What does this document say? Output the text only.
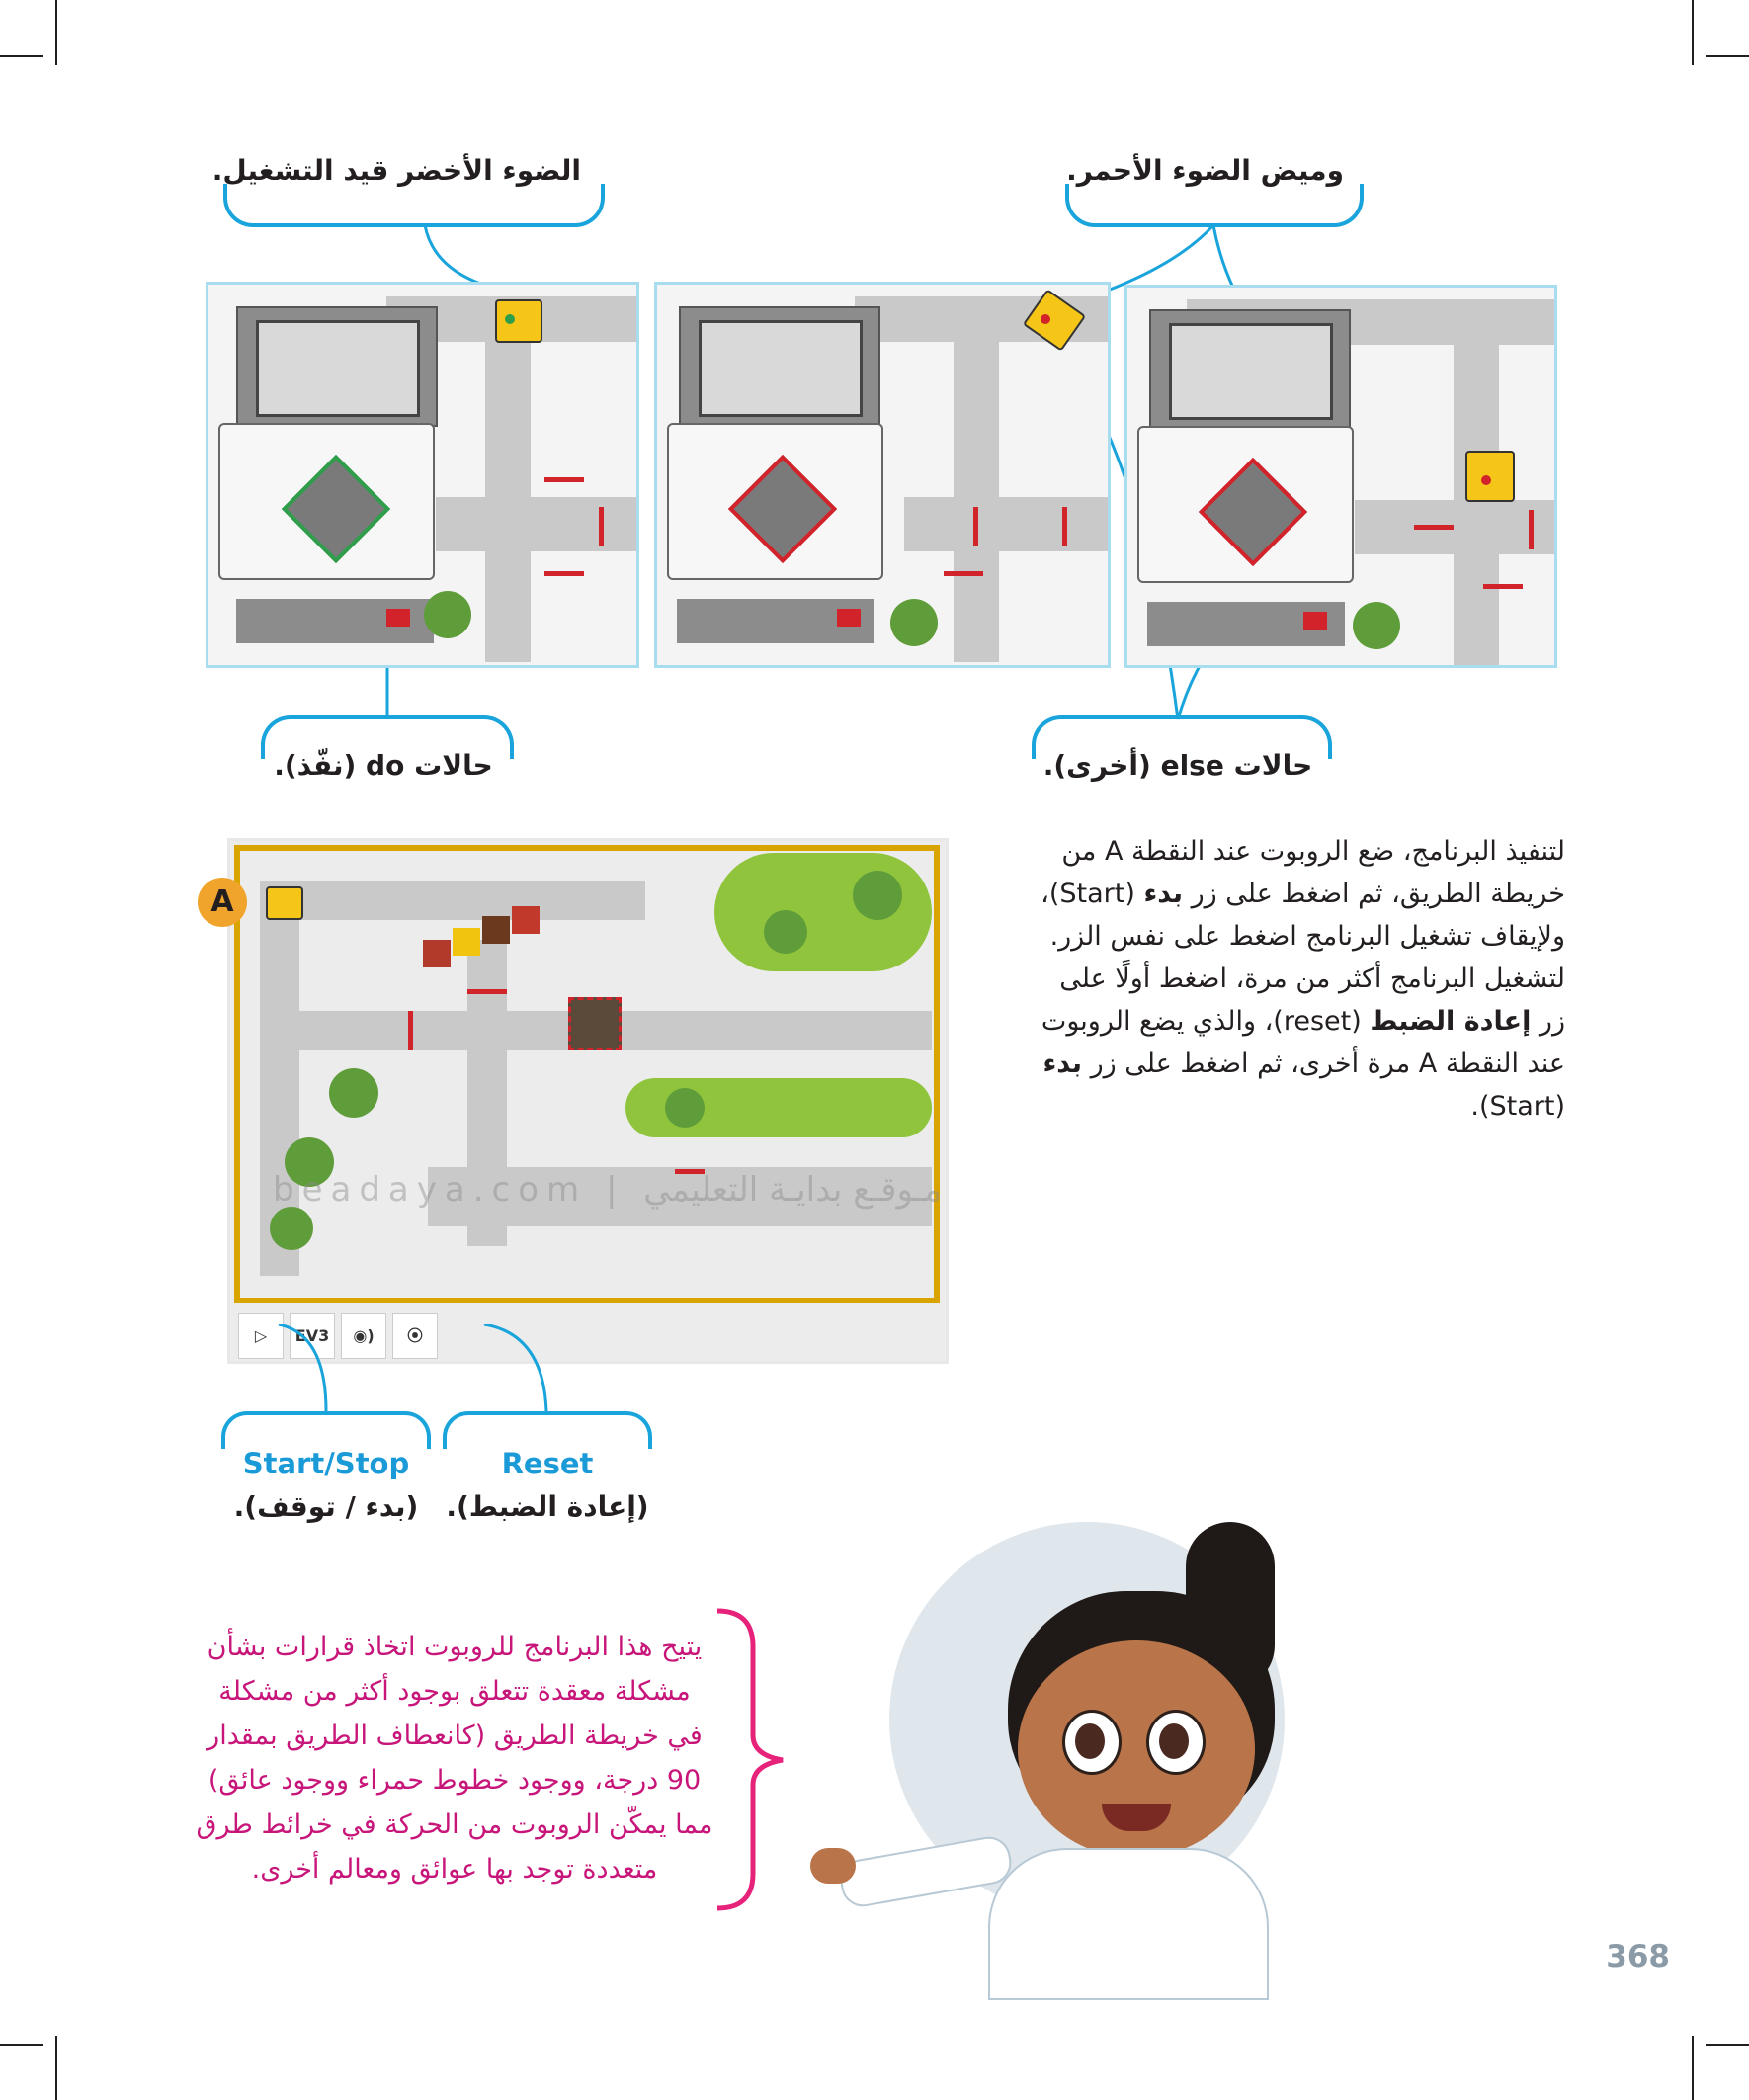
الضوء الأخضر قيد التشغيل.	وميض الضوء الأحمر.
حالات do (نفّذ).	حالات else (أخرى).
لتنفيذ البرنامج، ضع الروبوت عند النقطة A من
خريطة الطريق، ثم اضغط على زر بدء (Start)،
ولإيقاف تشغيل البرنامج اضغط على نفس الزر.
لتشغيل البرنامج أكثر من مرة، اضغط أولًا على
زر إعادة الضبط (reset)، والذي يضع الروبوت
عند النقطة A مرة أخرى، ثم اضغط على زر بدء
(Start).
▷	EV3	◉)	⦿
A
beadaya.com | مـوقـع بدايـة التعليمي
Start/Stop
(بدء / توقف).
Reset
(إعادة الضبط).
يتيح هذا البرنامج للروبوت اتخاذ قرارات بشأن
مشكلة معقدة تتعلق بوجود أكثر من مشكلة
في خريطة الطريق (كانعطاف الطريق بمقدار
90 درجة، ووجود خطوط حمراء ووجود عائق)
مما يمكّن الروبوت من الحركة في خرائط طرق
متعددة توجد بها عوائق ومعالم أخرى.
368
